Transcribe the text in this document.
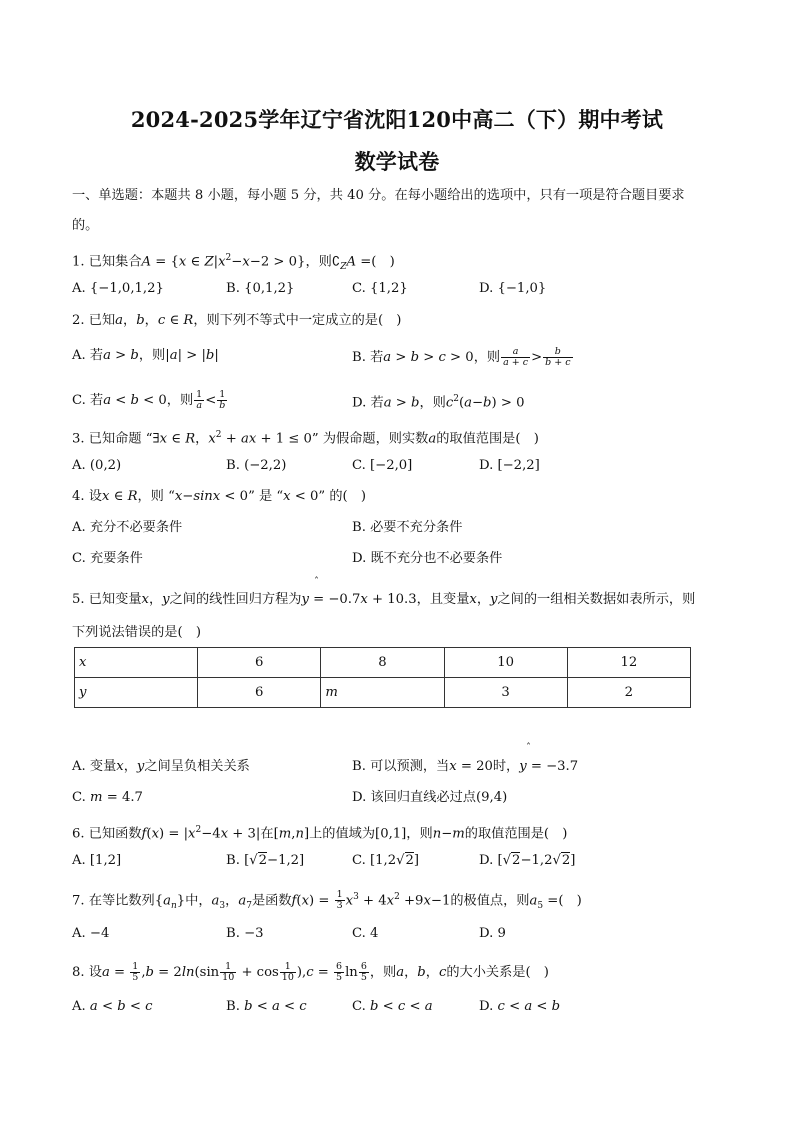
2024-2025学年辽宁省沈阳120中高二（下）期中考试
数学试卷
一、单选题：本题共 8 小题，每小题 5 分，共 40 分。在每小题给出的选项中，只有一项是符合题目要求
的。
1. 已知集合A = {x ∈ $Z|x^2-x-2 > 0$}，则$∁_ZA$ =(　)
A. {−1,0,1,2}	B. {0,1,2}	C. {1,2}	D. {−1,0}
2. 已知a，b，c ∈ R，则下列不等式中一定成立的是(　)
A. 若a > b，则|a| > |b|	B. 若a > b > c > 0，则 $\frac{a}{a + c} > \frac{b}{b + c}$
C. 若a < b < 0，则 $\frac{1}{a} < \frac{1}{b}$	D. 若a > b，则$c^2(a-b) > 0$
3. 已知命题 “∃x ∈ R，$x^2$ + ax + 1 ≤ 0” 为假命题，则实数a的取值范围是(　)
A. (0,2)	B. (−2,2)	C. [−2,0]	D. [−2,2]
4. 设x ∈ R，则 “x−sinx < 0” 是 “x < 0” 的(　)
A. 充分不必要条件	B. 必要不充分条件
C. 充要条件	D. 既不充分也不必要条件
ˆ
5. 已知变量x，y之间的线性回归方程为y = −0.7x + 10.3，且变量x，y之间的一组相关数据如表所示，则
下列说法错误的是(　)
x	6	8	10	12
y	6	m	3	2
ˆ
A. 变量x，y之间呈负相关关系	B. 可以预测，当x = 20时，y = −3.7
C. m = 4.7	D. 该回归直线必过点(9,4)
6. 已知函数$f(x) = |x^2-4x + 3|$在[m,n]上的值域为[0,1]，则n−m的取值范围是(　)
A. [1,2]	B. [√2−1,2]	C. [1,2√2]	D. [√2−1,2√2]
7. 在等比数列$\{a_n\}$中，$a_3$，$a_7$是函数$f(x) = \frac{1}{3} x^3 + 4x^2 +9x-1$的极值点，则$a_5$ =(　)
A. −4	B. −3	C. 4	D. 9
8. 设$a = \frac{1}{5} ,b = 2\ln(\sin \frac{1}{10} + \cos \frac{1}{10} ),c = \frac{6}{5}$ $\ln \frac{6}{5}$ ，则a，b，c的大小关系是(　)
A. a < b < c	B. b < a < c	C. b < c < a	D. c < a < b
